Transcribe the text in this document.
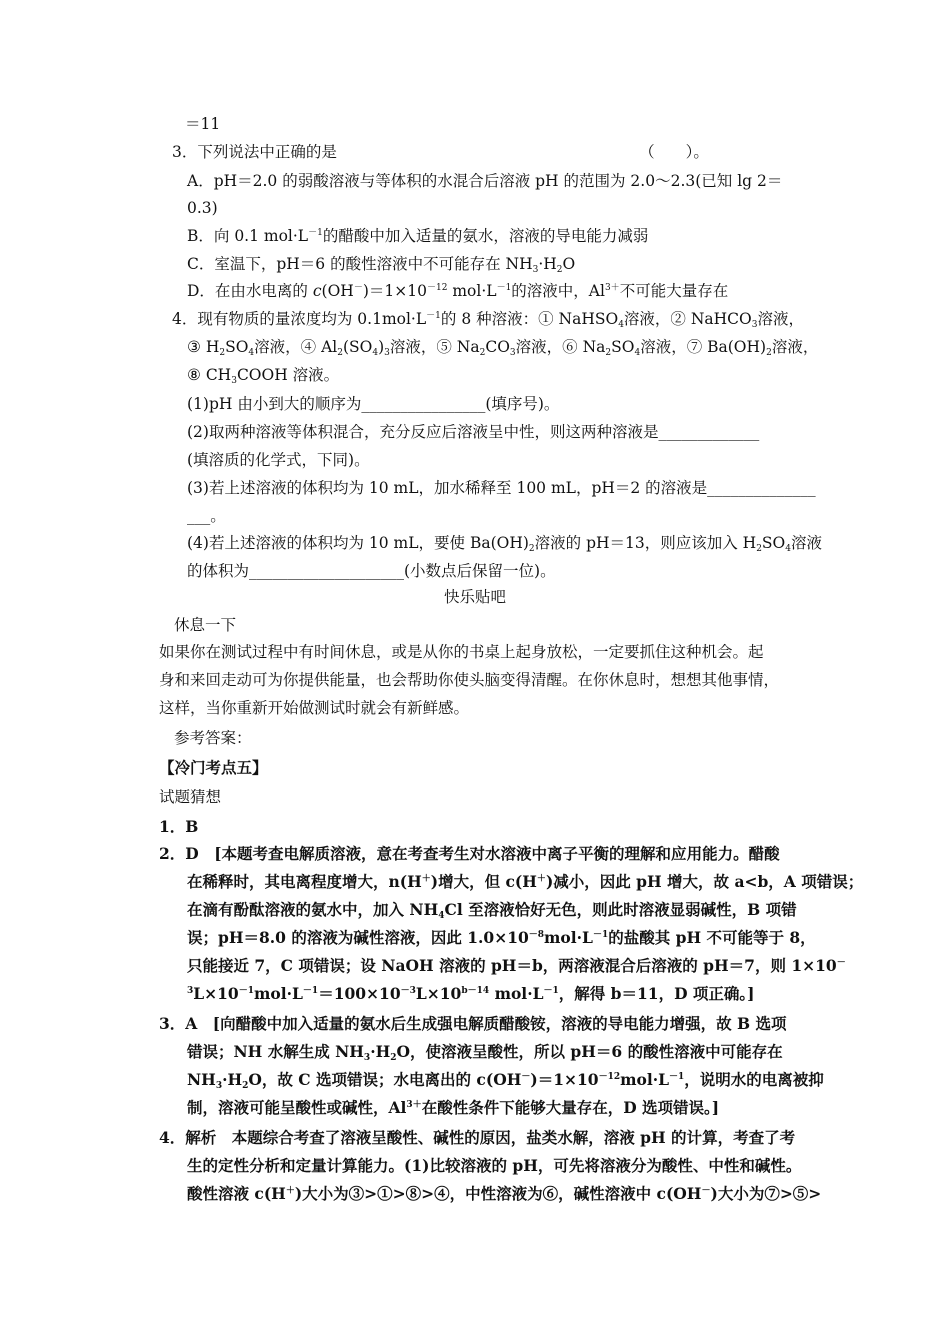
＝11
3．下列说法中正确的是　　　　　　　　　　　　　　　　　　　　（　　）。
A．pH＝2.0 的弱酸溶液与等体积的水混合后溶液 pH 的范围为 2.0～2.3(已知 lg 2＝
0.3)
B．向 0.1 $mol\cdot L^{-1}$的醋酸中加入适量的氨水，溶液的导电能力减弱
C．室温下，pH＝6 的酸性溶液中不可能存在 $NH_3\cdot H_2O$
D．在由水电离的 $c(OH^-)=1\times 10^{-12}$ $mol\cdot L^{-1}$的溶液中，$Al^{3+}$不可能大量存在
4．现有物质的量浓度均为 $0.1mol\cdot L^{-1}$的 8 种溶液：① NaHSO$_4$溶液，② NaHCO$_3$溶液，
③ $H_2SO_4$溶液，④ $Al_2(SO_4)_3$溶液，⑤ $Na_2CO_3$溶液，⑥ $Na_2SO_4$溶液，⑦ $Ba(OH)_2$溶液，
⑧ $CH_3COOH$ 溶液。
(1)pH 由小到大的顺序为________________(填序号)。
(2)取两种溶液等体积混合，充分反应后溶液呈中性，则这两种溶液是_____________
(填溶质的化学式，下同)。
(3)若上述溶液的体积均为 10 mL，加水稀释至 100 mL，pH＝2 的溶液是______________
___。
(4)若上述溶液的体积均为 10 mL，要使 $Ba(OH)_2$溶液的 pH＝13，则应该加入 $H_2SO_4$溶液
的体积为____________________(小数点后保留一位)。
快乐贴吧
休息一下
如果你在测试过程中有时间休息，或是从你的书桌上起身放松，一定要抓住这种机会。起
身和来回走动可为你提供能量，也会帮助你使头脑变得清醒。在你休息时，想想其他事情，
这样，当你重新开始做测试时就会有新鲜感。
参考答案：
【冷门考点五】
试题猜想
1．B
2．D　[本题考查电解质溶液，意在考查考生对水溶液中离子平衡的理解和应用能力。醋酸
在稀释时，其电离程度增大，n(H＋)增大，但 c(H＋)减小，因此 pH 增大，故 a<b，A 项错误；
在滴有酚酞溶液的氨水中，加入 $NH_4Cl$ 至溶液恰好无色，则此时溶液显弱碱性，B 项错
误；pH＝8.0 的溶液为碱性溶液，因此 $1.0\times 10^{-8}mol\cdot L^{-1}$的盐酸其 pH 不可能等于 8，
只能接近 7，C 项错误；设 NaOH 溶液的 pH＝b，两溶液混合后溶液的 pH＝7，则 1×10－
$^3L\times 10^{-1}mol\cdot L^{-1}=100\times 10^{-3}L\times 10^{b-14}$ $mol\cdot L^{-1}$，解得 b＝11，D 项正确。]
3．A　[向醋酸中加入适量的氨水后生成强电解质醋酸铵，溶液的导电能力增强，故 B 选项
错误；NH 水解生成 $NH_3\cdot H_2O$，使溶液呈酸性，所以 pH＝6 的酸性溶液中可能存在
$NH_3\cdot H_2O$，故 C 选项错误；水电离出的 $c(OH^-)=1\times 10^{-12}mol\cdot L^{-1}$，说明水的电离被抑
制，溶液可能呈酸性或碱性，$Al^{3+}$在酸性条件下能够大量存在，D 选项错误。]
4．解析　本题综合考查了溶液呈酸性、碱性的原因，盐类水解，溶液 pH 的计算，考查了考
生的定性分析和定量计算能力。(1)比较溶液的 pH，可先将溶液分为酸性、中性和碱性。
酸性溶液 c(H＋)大小为③>①>⑧>④，中性溶液为⑥，碱性溶液中 c(OH－)大小为⑦>⑤>
